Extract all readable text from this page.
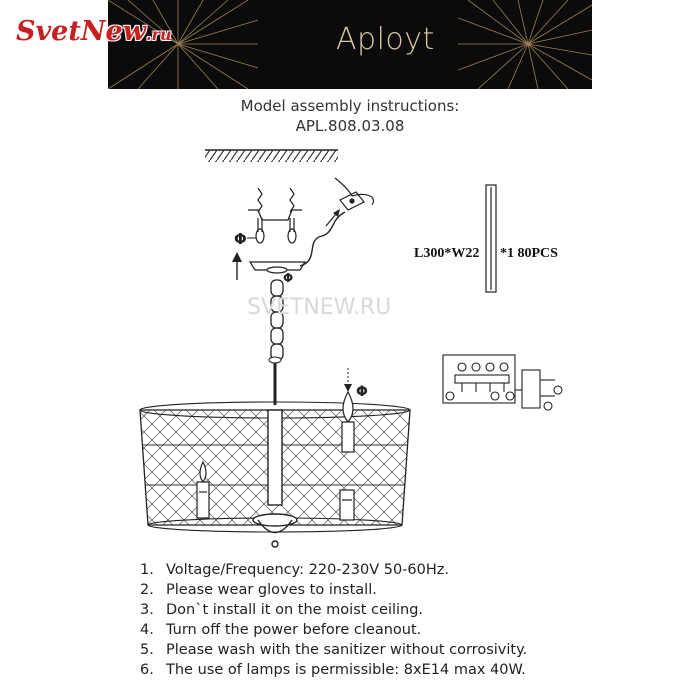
Aployt
SvetNew.ru
Model assembly instructions:
APL.808.03.08
Φ
Φ
Φ
SVETNEW.RU
L300*W22 *1 80PCS
1. Voltage/Frequency: 220-230V 50-60Hz.
2. Please wear gloves to install.
3. Don`t install it on the moist ceiling.
4. Turn off the power before cleanout.
5. Please wash with the sanitizer without corrosivity.
6. The use of lamps is permissible: 8xE14 max 40W.
